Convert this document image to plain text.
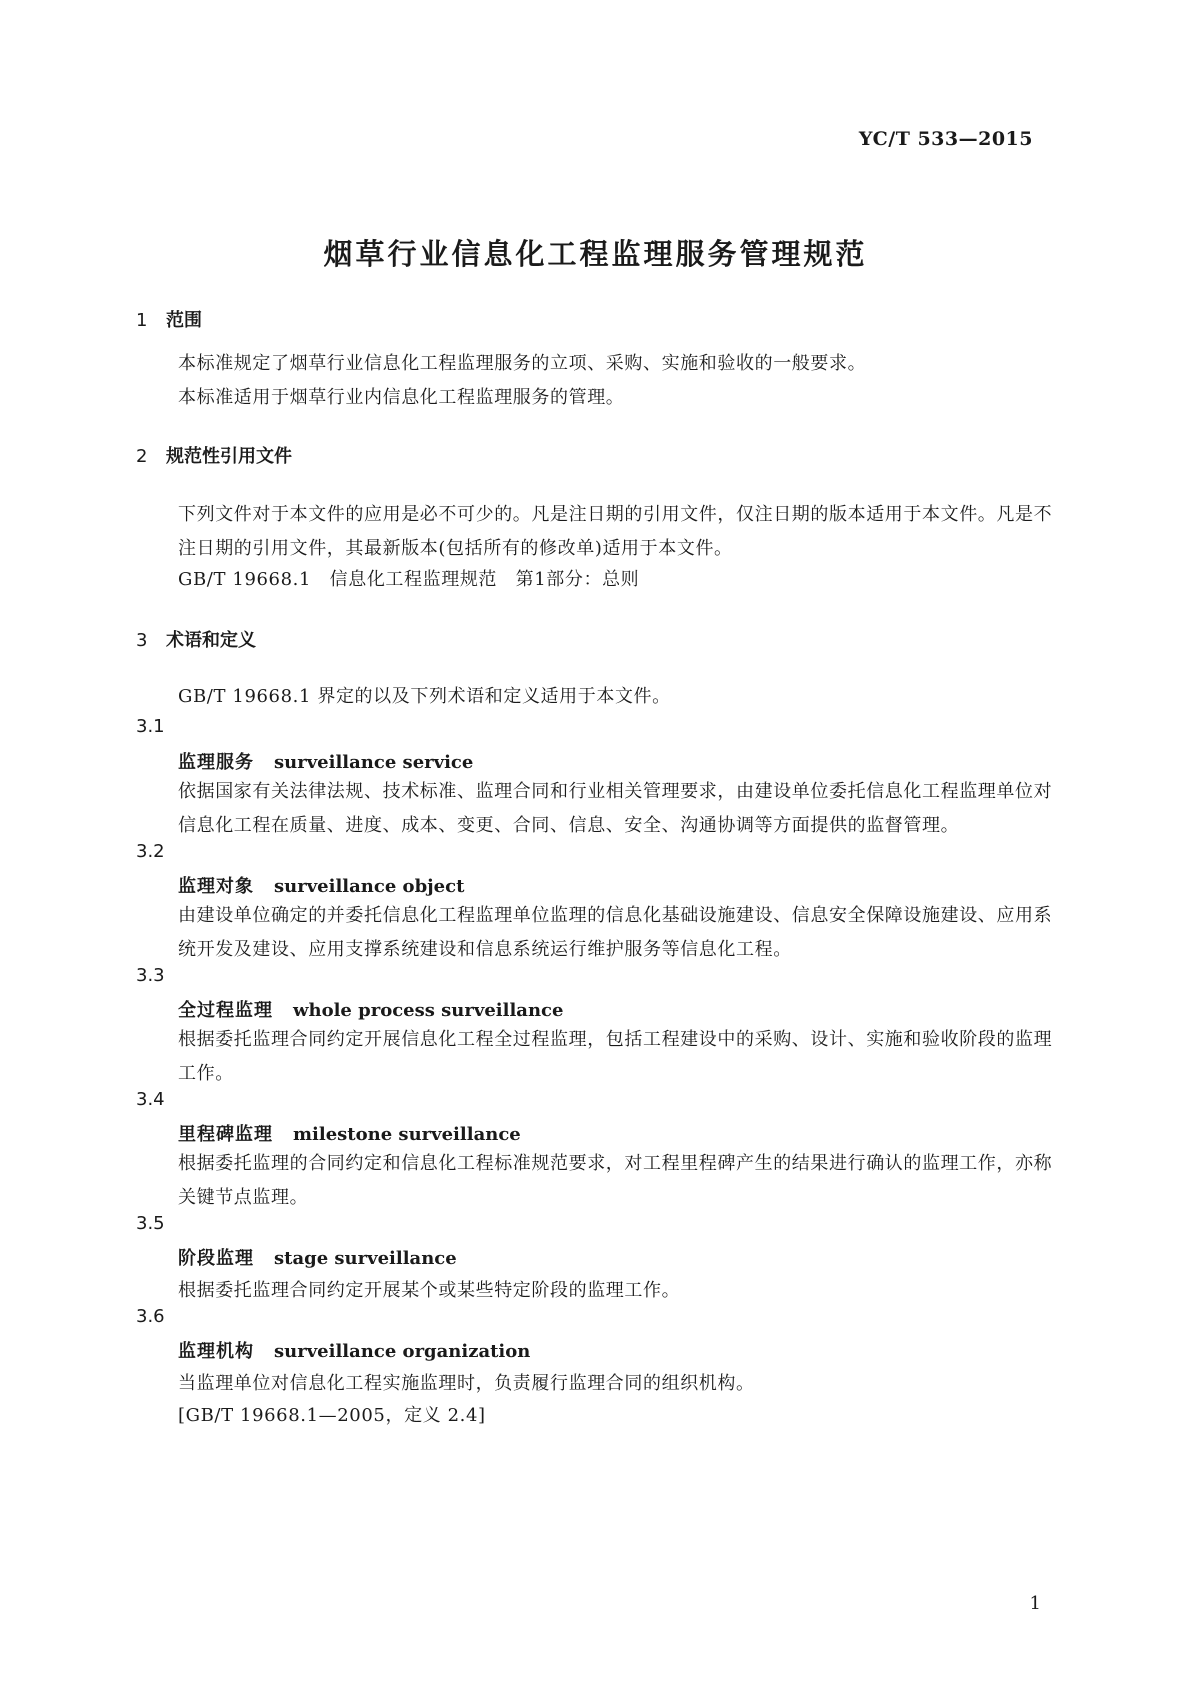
YC/T 533—2015
烟草行业信息化工程监理服务管理规范
1 范围
本标准规定了烟草行业信息化工程监理服务的立项、采购、实施和验收的一般要求。
本标准适用于烟草行业内信息化工程监理服务的管理。
2 规范性引用文件
下列文件对于本文件的应用是必不可少的。凡是注日期的引用文件，仅注日期的版本适用于本文件。凡是不注日期的引用文件，其最新版本(包括所有的修改单)适用于本文件。
GB/T 19668.1　信息化工程监理规范　第1部分：总则
3 术语和定义
GB/T 19668.1 界定的以及下列术语和定义适用于本文件。
3.1
监理服务 surveillance service
依据国家有关法律法规、技术标准、监理合同和行业相关管理要求，由建设单位委托信息化工程监理单位对信息化工程在质量、进度、成本、变更、合同、信息、安全、沟通协调等方面提供的监督管理。
3.2
监理对象 surveillance object
由建设单位确定的并委托信息化工程监理单位监理的信息化基础设施建设、信息安全保障设施建设、应用系统开发及建设、应用支撑系统建设和信息系统运行维护服务等信息化工程。
3.3
全过程监理 whole process surveillance
根据委托监理合同约定开展信息化工程全过程监理，包括工程建设中的采购、设计、实施和验收阶段的监理工作。
3.4
里程碑监理 milestone surveillance
根据委托监理的合同约定和信息化工程标准规范要求，对工程里程碑产生的结果进行确认的监理工作，亦称关键节点监理。
3.5
阶段监理 stage surveillance
根据委托监理合同约定开展某个或某些特定阶段的监理工作。
3.6
监理机构 surveillance organization
当监理单位对信息化工程实施监理时，负责履行监理合同的组织机构。
[GB/T 19668.1—2005，定义 2.4]
1
